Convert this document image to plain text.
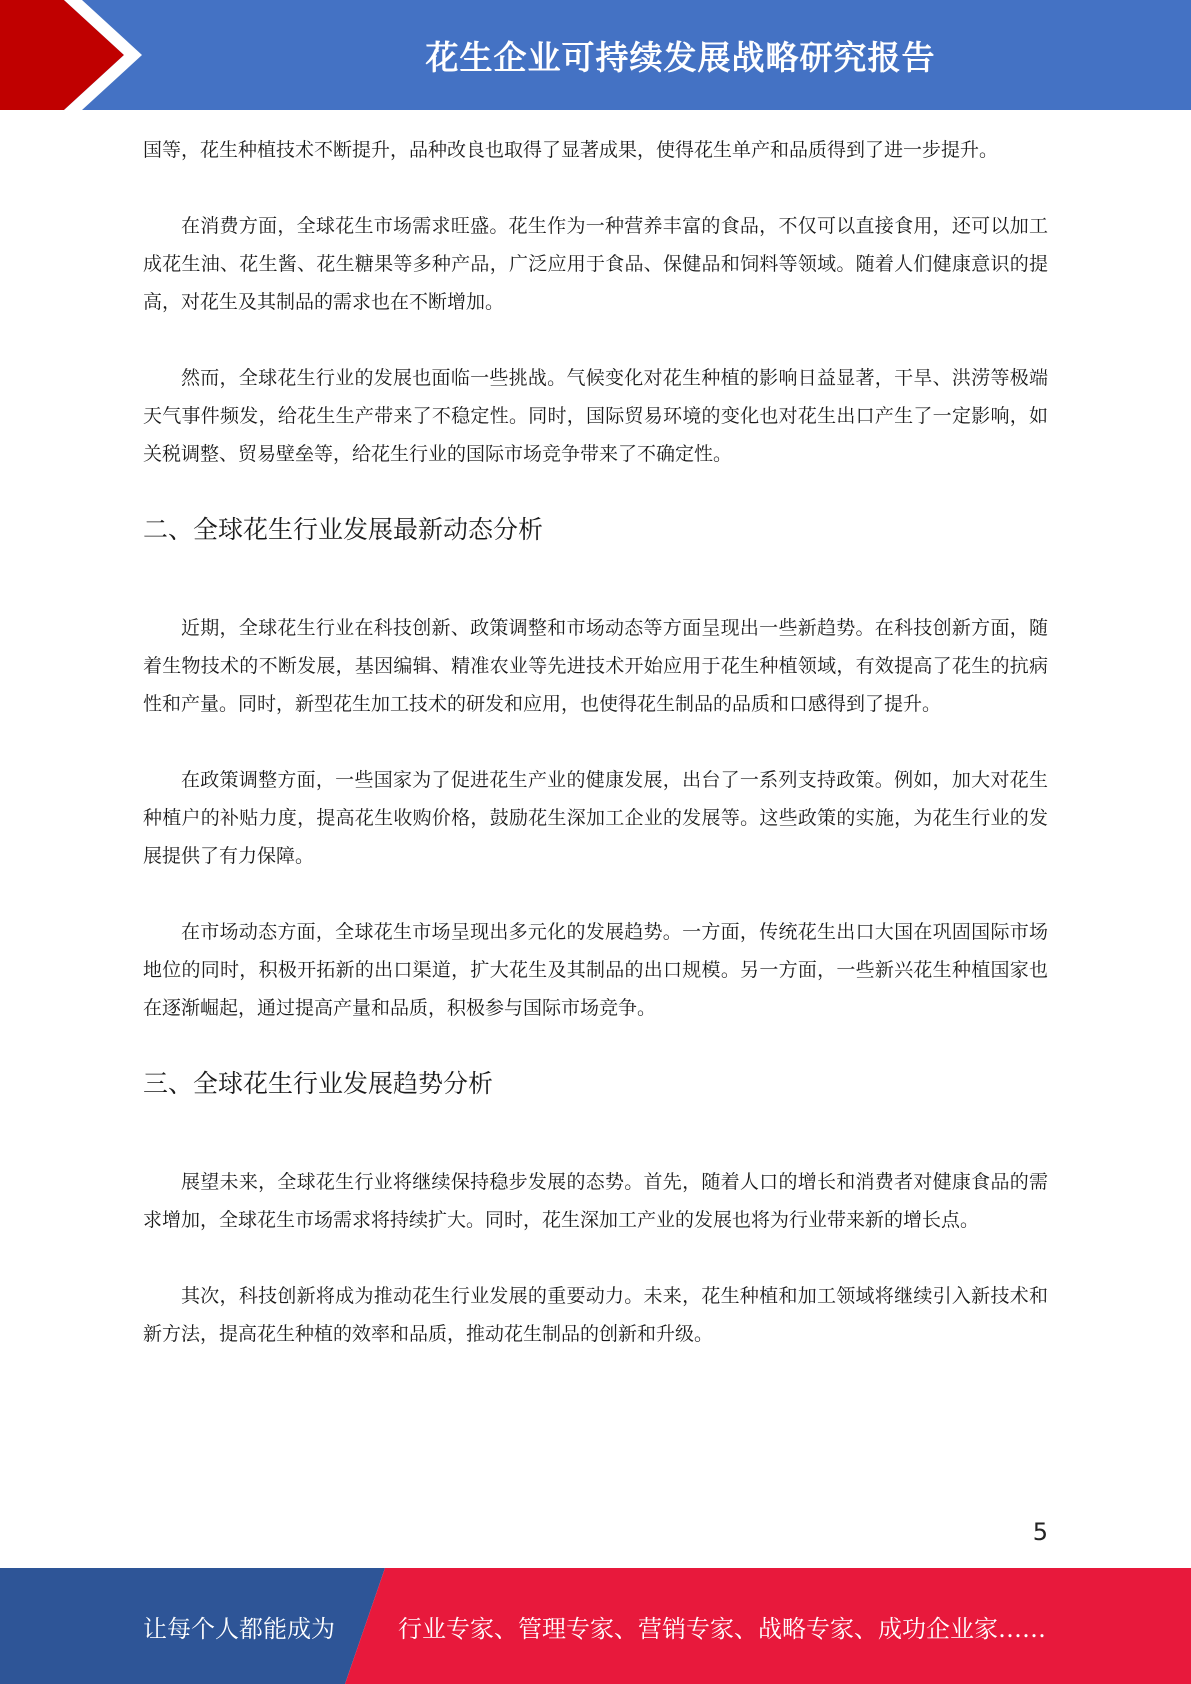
花生企业可持续发展战略研究报告

国等，花生种植技术不断提升，品种改良也取得了显著成果，使得花生单产和品质得到了进一步提升。

在消费方面，全球花生市场需求旺盛。花生作为一种营养丰富的食品，不仅可以直接食用，还可以加工成花生油、花生酱、花生糖果等多种产品，广泛应用于食品、保健品和饲料等领域。随着人们健康意识的提高，对花生及其制品的需求也在不断增加。

然而，全球花生行业的发展也面临一些挑战。气候变化对花生种植的影响日益显著，干旱、洪涝等极端天气事件频发，给花生生产带来了不稳定性。同时，国际贸易环境的变化也对花生出口产生了一定影响，如关税调整、贸易壁垒等，给花生行业的国际市场竞争带来了不确定性。

二、全球花生行业发展最新动态分析

近期，全球花生行业在科技创新、政策调整和市场动态等方面呈现出一些新趋势。在科技创新方面，随着生物技术的不断发展，基因编辑、精准农业等先进技术开始应用于花生种植领域，有效提高了花生的抗病性和产量。同时，新型花生加工技术的研发和应用，也使得花生制品的品质和口感得到了提升。

在政策调整方面，一些国家为了促进花生产业的健康发展，出台了一系列支持政策。例如，加大对花生种植户的补贴力度，提高花生收购价格，鼓励花生深加工企业的发展等。这些政策的实施，为花生行业的发展提供了有力保障。

在市场动态方面，全球花生市场呈现出多元化的发展趋势。一方面，传统花生出口大国在巩固国际市场地位的同时，积极开拓新的出口渠道，扩大花生及其制品的出口规模。另一方面，一些新兴花生种植国家也在逐渐崛起，通过提高产量和品质，积极参与国际市场竞争。

三、全球花生行业发展趋势分析

展望未来，全球花生行业将继续保持稳步发展的态势。首先，随着人口的增长和消费者对健康食品的需求增加，全球花生市场需求将持续扩大。同时，花生深加工产业的发展也将为行业带来新的增长点。

其次，科技创新将成为推动花生行业发展的重要动力。未来，花生种植和加工领域将继续引入新技术和新方法，提高花生种植的效率和品质，推动花生制品的创新和升级。

5
让每个人都能成为	行业专家、管理专家、营销专家、战略专家、成功企业家……
